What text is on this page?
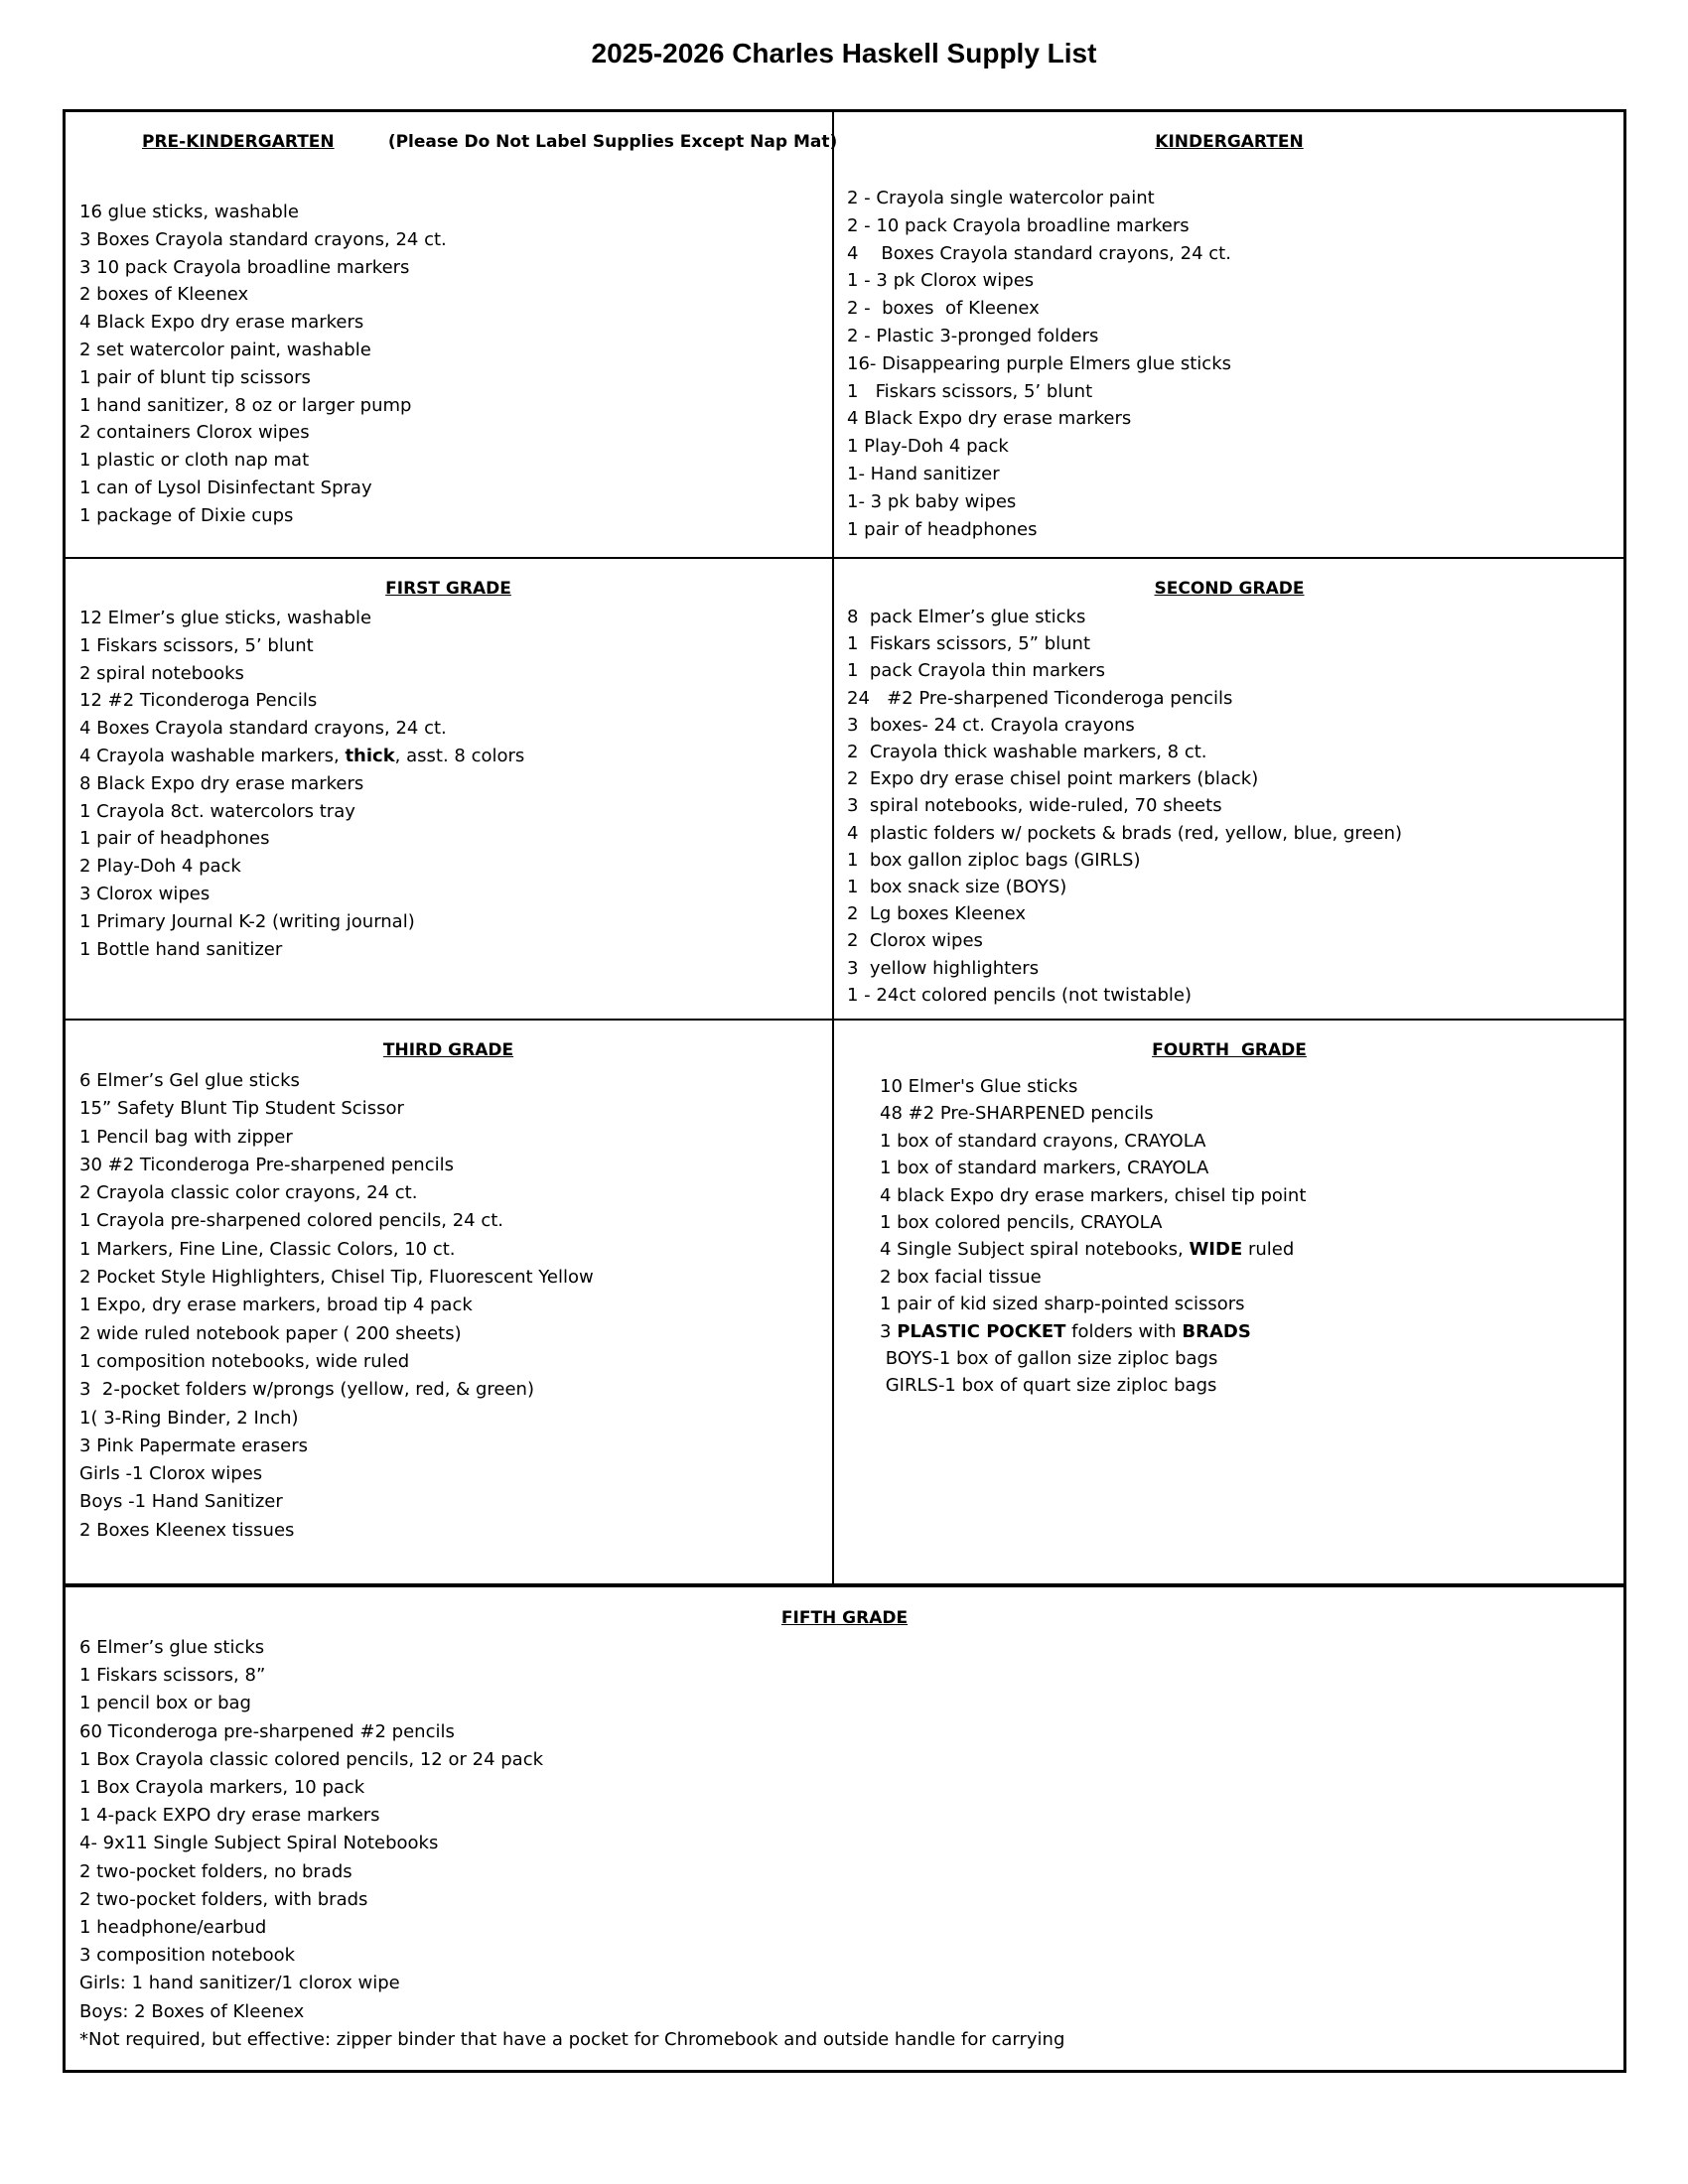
2025-2026 Charles Haskell Supply List
PRE-KINDERGARTEN	(Please Do Not Label Supplies Except Nap Mat)
16 glue sticks, washable
3 Boxes Crayola standard crayons, 24 ct.
3 10 pack Crayola broadline markers
2 boxes of Kleenex
4 Black Expo dry erase markers
2 set watercolor paint, washable
1 pair of blunt tip scissors
1 hand sanitizer, 8 oz or larger pump
2 containers Clorox wipes
1 plastic or cloth nap mat
1 can of Lysol Disinfectant Spray
1 package of Dixie cups
KINDERGARTEN
2 - Crayola single watercolor paint
2 - 10 pack Crayola broadline markers
4    Boxes Crayola standard crayons, 24 ct.
1 - 3 pk Clorox wipes
2 -  boxes  of Kleenex
2 - Plastic 3-pronged folders
16- Disappearing purple Elmers glue sticks
1   Fiskars scissors, 5’ blunt
4 Black Expo dry erase markers
1 Play-Doh 4 pack
1- Hand sanitizer
1- 3 pk baby wipes
1 pair of headphones
FIRST GRADE
12 Elmer’s glue sticks, washable
1 Fiskars scissors, 5’ blunt
2 spiral notebooks
12 #2 Ticonderoga Pencils
4 Boxes Crayola standard crayons, 24 ct.
4 Crayola washable markers, thick, asst. 8 colors
8 Black Expo dry erase markers
1 Crayola 8ct. watercolors tray
1 pair of headphones
2 Play-Doh 4 pack
3 Clorox wipes
1 Primary Journal K-2 (writing journal)
1 Bottle hand sanitizer
SECOND GRADE
8  pack Elmer’s glue sticks
1  Fiskars scissors, 5” blunt
1  pack Crayola thin markers
24   #2 Pre-sharpened Ticonderoga pencils
3  boxes- 24 ct. Crayola crayons
2  Crayola thick washable markers, 8 ct.
2  Expo dry erase chisel point markers (black)
3  spiral notebooks, wide-ruled, 70 sheets
4  plastic folders w/ pockets & brads (red, yellow, blue, green)
1  box gallon ziploc bags (GIRLS)
1  box snack size (BOYS)
2  Lg boxes Kleenex
2  Clorox wipes
3  yellow highlighters
1 - 24ct colored pencils (not twistable)
THIRD GRADE
6 Elmer’s Gel glue sticks
15” Safety Blunt Tip Student Scissor
1 Pencil bag with zipper
30 #2 Ticonderoga Pre-sharpened pencils
2 Crayola classic color crayons, 24 ct.
1 Crayola pre-sharpened colored pencils, 24 ct.
1 Markers, Fine Line, Classic Colors, 10 ct.
2 Pocket Style Highlighters, Chisel Tip, Fluorescent Yellow
1 Expo, dry erase markers, broad tip 4 pack
2 wide ruled notebook paper ( 200 sheets)
1 composition notebooks, wide ruled
3  2-pocket folders w/prongs (yellow, red, & green)
1( 3-Ring Binder, 2 Inch)
3 Pink Papermate erasers
Girls -1 Clorox wipes
Boys -1 Hand Sanitizer
2 Boxes Kleenex tissues
FOURTH  GRADE
10 Elmer's Glue sticks
48 #2 Pre-SHARPENED pencils
1 box of standard crayons, CRAYOLA
1 box of standard markers, CRAYOLA
4 black Expo dry erase markers, chisel tip point
1 box colored pencils, CRAYOLA
4 Single Subject spiral notebooks, WIDE ruled
2 box facial tissue
1 pair of kid sized sharp-pointed scissors
3 PLASTIC POCKET folders with BRADS
BOYS-1 box of gallon size ziploc bags
GIRLS-1 box of quart size ziploc bags
FIFTH GRADE
6 Elmer’s glue sticks
1 Fiskars scissors, 8”
1 pencil box or bag
60 Ticonderoga pre-sharpened #2 pencils
1 Box Crayola classic colored pencils, 12 or 24 pack
1 Box Crayola markers, 10 pack
1 4-pack EXPO dry erase markers
4- 9x11 Single Subject Spiral Notebooks
2 two-pocket folders, no brads
2 two-pocket folders, with brads
1 headphone/earbud
3 composition notebook
Girls: 1 hand sanitizer/1 clorox wipe
Boys: 2 Boxes of Kleenex
*Not required, but effective: zipper binder that have a pocket for Chromebook and outside handle for carrying
